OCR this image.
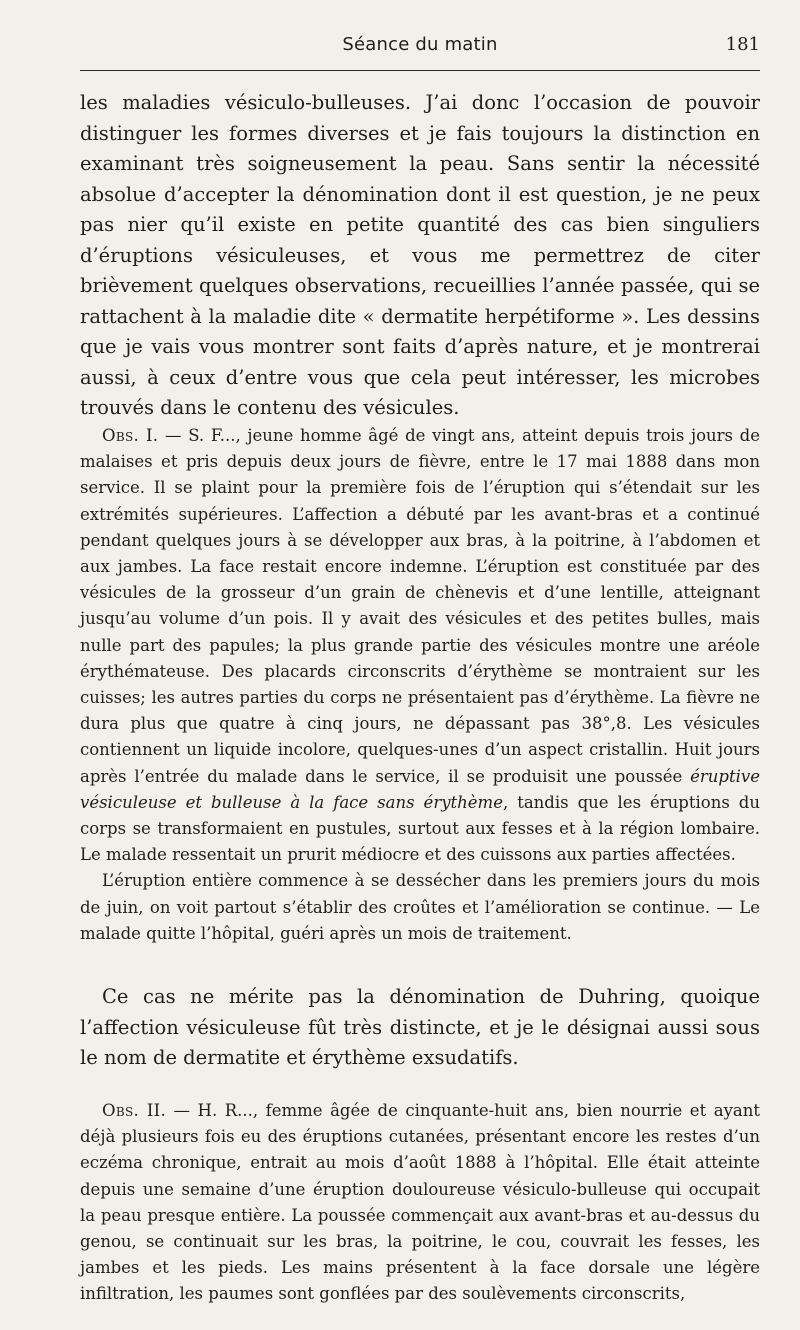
Séance du matin	181

les maladies vésiculo-bulleuses. J’ai donc l’occasion de pouvoir distinguer les formes diverses et je fais toujours la distinction en examinant très soigneusement la peau. Sans sentir la nécessité absolue d’accepter la dénomination dont il est question, je ne peux pas nier qu’il existe en petite quantité des cas bien singuliers d’éruptions vésiculeuses, et vous me permettrez de citer brièvement quelques observations, recueillies l’année passée, qui se rattachent à la maladie dite « dermatite herpétiforme ». Les dessins que je vais vous montrer sont faits d’après nature, et je montrerai aussi, à ceux d’entre vous que cela peut intéresser, les microbes trouvés dans le contenu des vésicules.

Obs. I. — S. F..., jeune homme âgé de vingt ans, atteint depuis trois jours de malaises et pris depuis deux jours de fièvre, entre le 17 mai 1888 dans mon service. Il se plaint pour la première fois de l’éruption qui s’étendait sur les extrémités supérieures. L’affection a débuté par les avant-bras et a continué pendant quelques jours à se développer aux bras, à la poitrine, à l’abdomen et aux jambes. La face restait encore indemne. L’éruption est constituée par des vésicules de la grosseur d’un grain de chènevis et d’une lentille, atteignant jusqu’au volume d’un pois. Il y avait des vésicules et des petites bulles, mais nulle part des papules; la plus grande partie des vésicules montre une aréole érythémateuse. Des placards circonscrits d’érythème se montraient sur les cuisses; les autres parties du corps ne présentaient pas d’érythème. La fièvre ne dura plus que quatre à cinq jours, ne dépassant pas 38°,8. Les vésicules contiennent un liquide incolore, quelques-unes d’un aspect cristallin. Huit jours après l’entrée du malade dans le service, il se produisit une poussée éruptive vésiculeuse et bulleuse à la face sans érythème, tandis que les éruptions du corps se transformaient en pustules, surtout aux fesses et à la région lombaire. Le malade ressentait un prurit médiocre et des cuissons aux parties affectées.

L’éruption entière commence à se dessécher dans les premiers jours du mois de juin, on voit partout s’établir des croûtes et l’amélioration se continue. — Le malade quitte l’hôpital, guéri après un mois de traitement.

Ce cas ne mérite pas la dénomination de Duhring, quoique l’affection vésiculeuse fût très distincte, et je le désignai aussi sous le nom de dermatite et érythème exsudatifs.

Obs. II. — H. R..., femme âgée de cinquante-huit ans, bien nourrie et ayant déjà plusieurs fois eu des éruptions cutanées, présentant encore les restes d’un eczéma chronique, entrait au mois d’août 1888 à l’hôpital. Elle était atteinte depuis une semaine d’une éruption douloureuse vésiculo-bulleuse qui occupait la peau presque entière. La poussée commençait aux avant-bras et au-dessus du genou, se continuait sur les bras, la poitrine, le cou, couvrait les fesses, les jambes et les pieds. Les mains présentent à la face dorsale une légère infiltration, les paumes sont gonflées par des soulèvements circonscrits,
